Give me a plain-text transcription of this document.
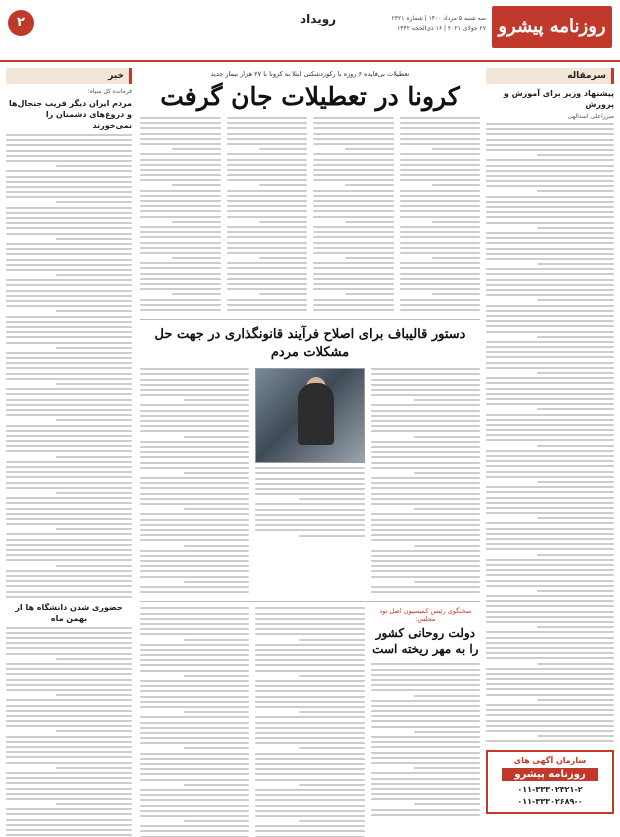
روزنامه پیشرو
سه شنبه ۵ مرداد ۱۴۰۰ | شماره ۲۳۲۱
۲۷ جولای ۲۰۲۱ | ۱۶ ذی‌الحجه ۱۴۴۲
رویداد
۲
سرمقاله
پیشنهاد وزیر برای آموزش و پرورش
میرزاعلی اسدالهی
سازمان آگهی های
روزنامه پیشرو
۰۱۱-۳۳۳۰۲۳۲۱-۲
۰۱۱-۳۳۳۰۲۶۸۹-۰
تعطیلات بی‌فایده ۶ روزه با رکوردشکنی ابتلا به کرونا با ۲۷ هزار بیمار جدید
کرونا در تعطیلات جان گرفت
دستور قالیباف برای اصلاح فرآیند قانونگذاری در جهت حل مشکلات مردم
سخنگوی رئیس کمیسیون اصل نود مجلس:
دولت روحانی کشور را به مهر ریخته است
خبر
فرمانده کل سپاه:
مردم ایران دیگر فریب جنجال‌ها و دروغ‌های دشمنان را نمی‌خورند
حضوری شدن دانشگاه ها از بهمن ماه
